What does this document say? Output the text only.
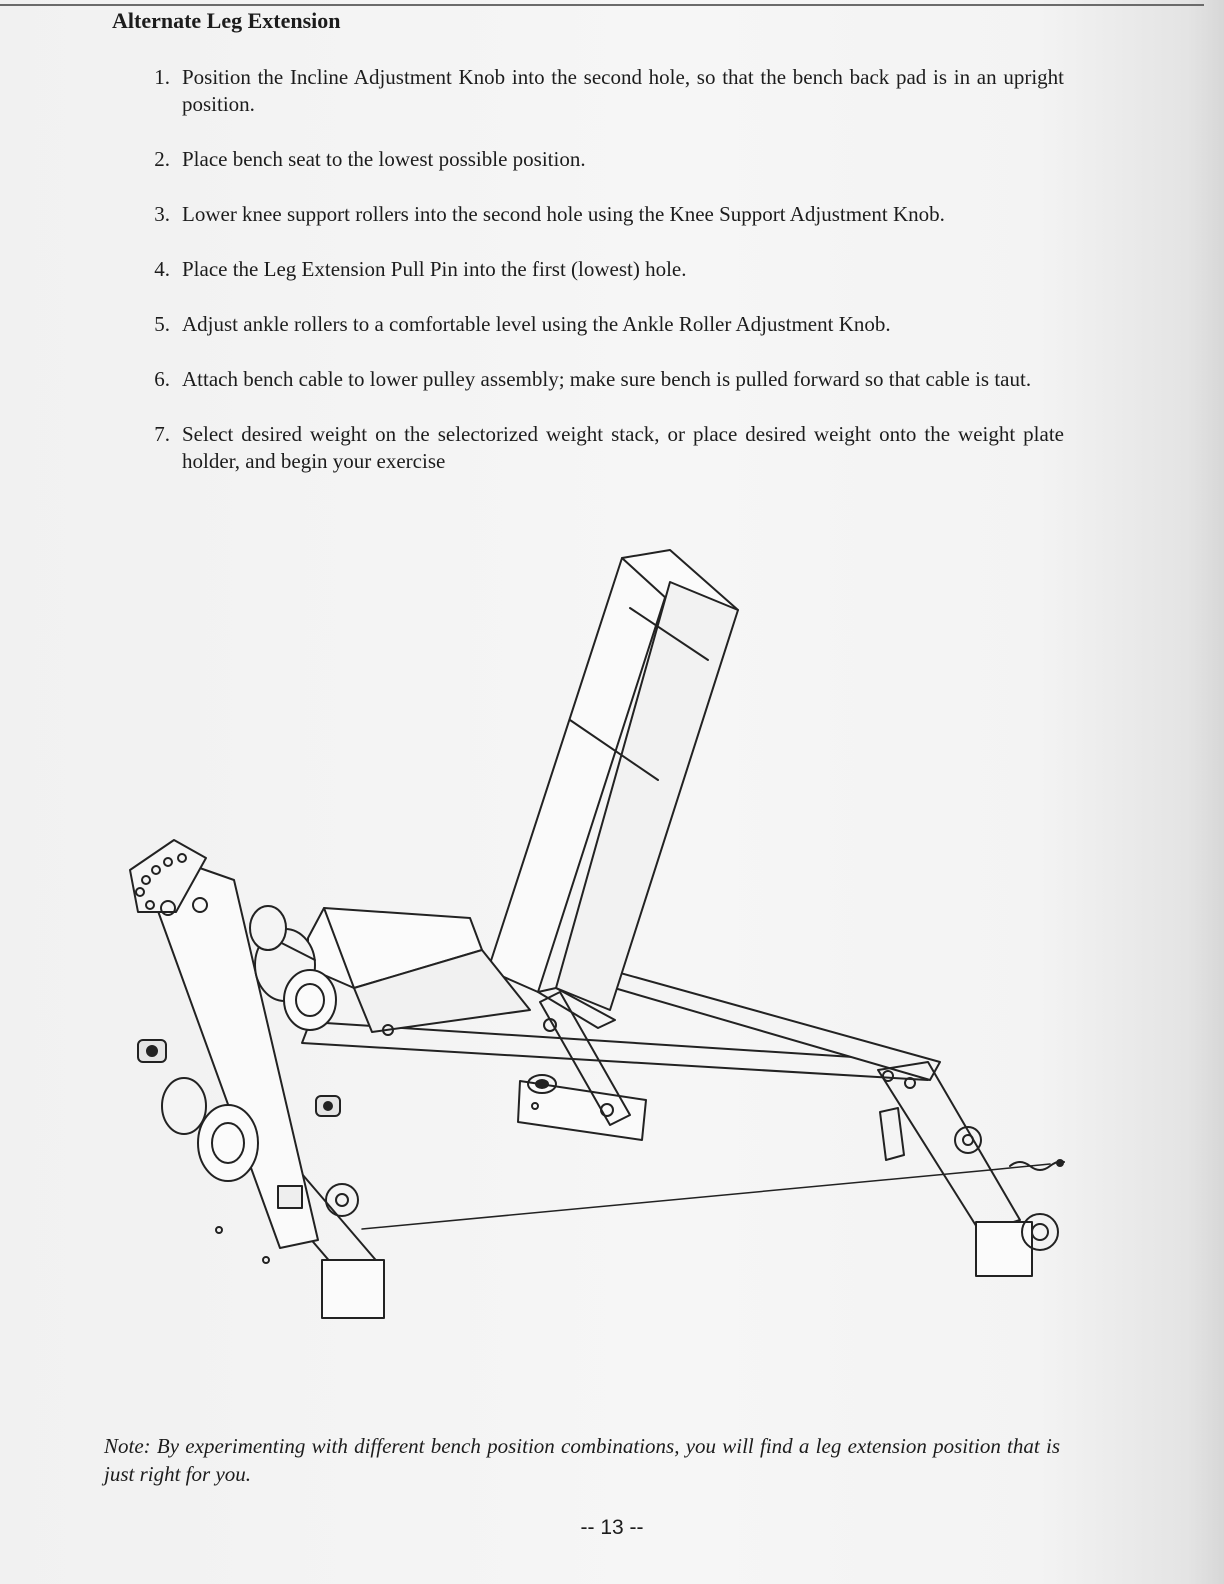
Alternate Leg Extension
1. Position the Incline Adjustment Knob into the second hole, so that the bench back pad is in an upright position.
2. Place bench seat to the lowest possible position.
3. Lower knee support rollers into the second hole using the Knee Support Adjustment Knob.
4. Place the Leg Extension Pull Pin into the first (lowest) hole.
5. Adjust ankle rollers to a comfortable level using the Ankle Roller Adjustment Knob.
6. Attach bench cable to lower pulley assembly; make sure bench is pulled forward so that cable is taut.
7. Select desired weight on the selectorized weight stack, or place desired weight onto the weight plate holder, and begin your exercise

Note: By experimenting with different bench position combinations, you will find a leg extension position that is just right for you.

-- 13 --
